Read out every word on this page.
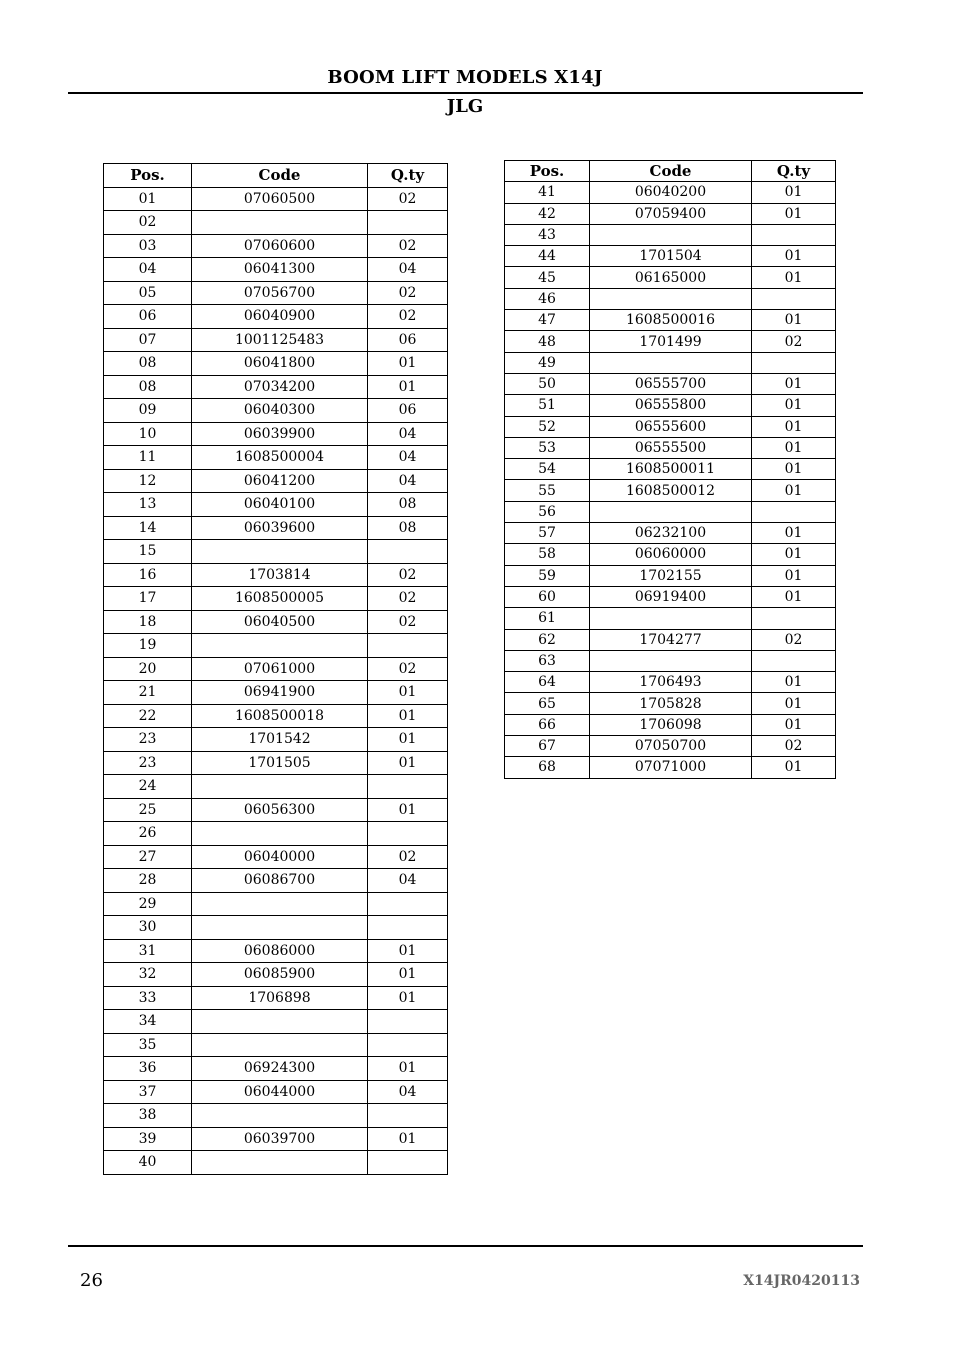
BOOM LIFT MODELS X14J
JLG
Pos.	Code	Q.ty
01	07060500	02
02		
03	07060600	02
04	06041300	04
05	07056700	02
06	06040900	02
07	1001125483	06
08	06041800	01
08	07034200	01
09	06040300	06
10	06039900	04
11	1608500004	04
12	06041200	04
13	06040100	08
14	06039600	08
15		
16	1703814	02
17	1608500005	02
18	06040500	02
19		
20	07061000	02
21	06941900	01
22	1608500018	01
23	1701542	01
23	1701505	01
24		
25	06056300	01
26		
27	06040000	02
28	06086700	04
29		
30		
31	06086000	01
32	06085900	01
33	1706898	01
34		
35		
36	06924300	01
37	06044000	04
38		
39	06039700	01
40		
Pos.	Code	Q.ty
41	06040200	01
42	07059400	01
43		
44	1701504	01
45	06165000	01
46		
47	1608500016	01
48	1701499	02
49		
50	06555700	01
51	06555800	01
52	06555600	01
53	06555500	01
54	1608500011	01
55	1608500012	01
56		
57	06232100	01
58	06060000	01
59	1702155	01
60	06919400	01
61		
62	1704277	02
63		
64	1706493	01
65	1705828	01
66	1706098	01
67	07050700	02
68	07071000	01
26	X14JR0420113
